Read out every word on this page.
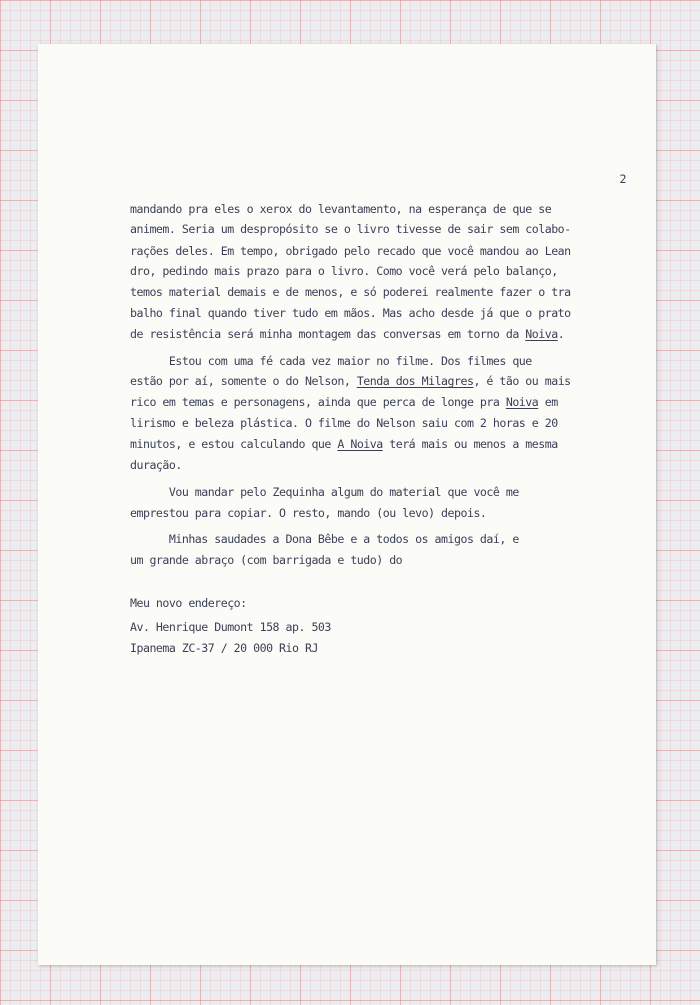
2
mandando pra eles o xerox do levantamento, na esperança de que se
animem. Seria um despropósito se o livro tivesse de sair sem colabo-
rações deles. Em tempo, obrigado pelo recado que você mandou ao Lean
dro, pedindo mais prazo para o livro. Como você verá pelo balanço,
temos material demais e de menos, e só poderei realmente fazer o tra
balho final quando tiver tudo em mãos. Mas acho desde já que o prato
de resistência será minha montagem das conversas em torno da Noiva.
Estou com uma fé cada vez maior no filme. Dos filmes que
estão por aí, somente o do Nelson, Tenda dos Milagres, é tão ou mais
rico em temas e personagens, ainda que perca de longe pra Noiva em
lirismo e beleza plástica. O filme do Nelson saiu com 2 horas e 20
minutos, e estou calculando que A Noiva terá mais ou menos a mesma
duração.
Vou mandar pelo Zequinha algum do material que você me
emprestou para copiar. O resto, mando (ou levo) depois.
Minhas saudades a Dona Bêbe e a todos os amigos daí, e
um grande abraço (com barrigada e tudo) do
Meu novo endereço:
Av. Henrique Dumont 158 ap. 503
Ipanema ZC-37 / 20 000 Rio RJ
